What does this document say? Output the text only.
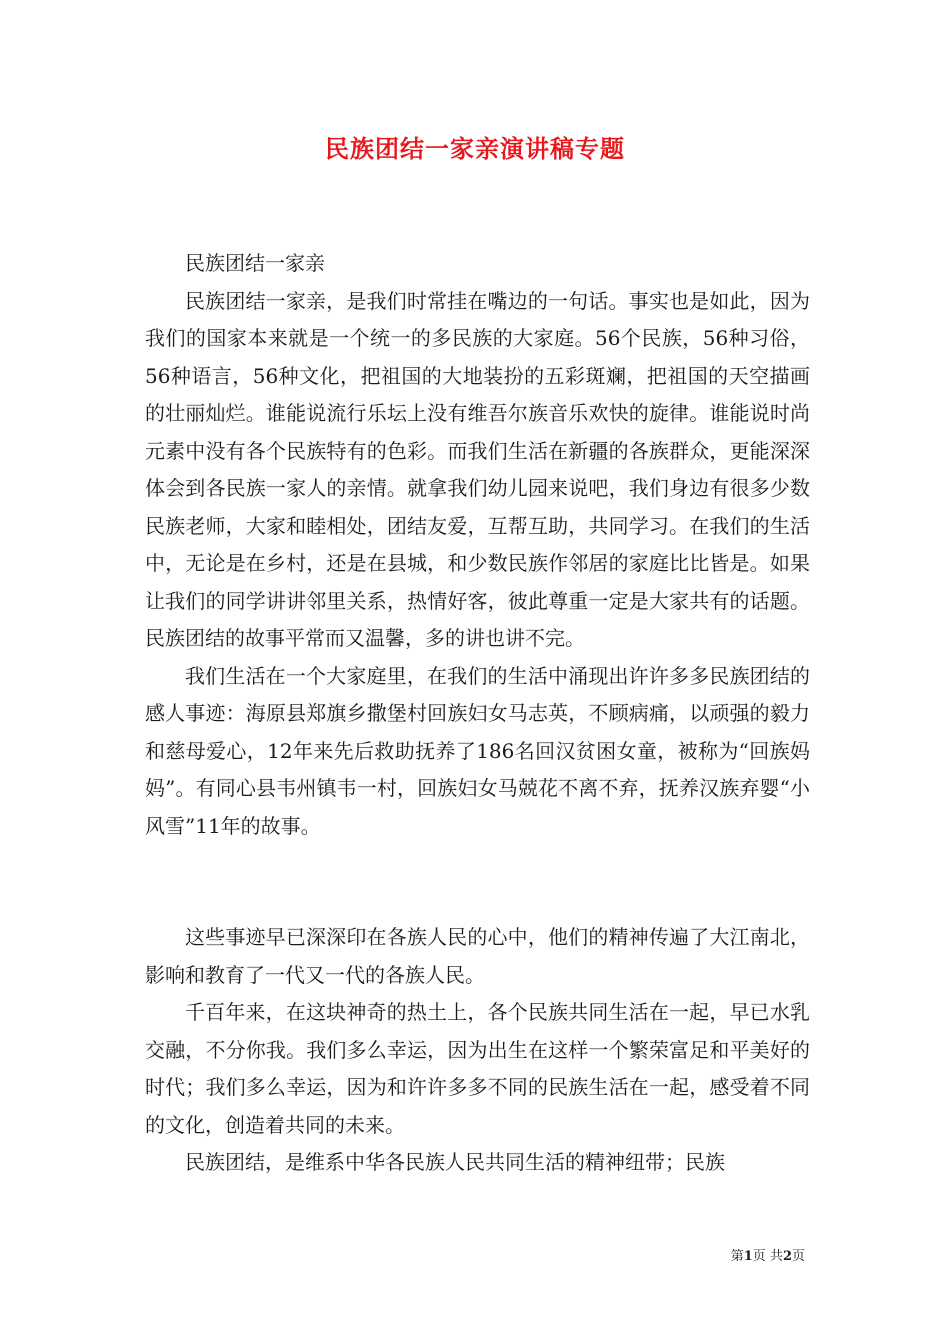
民族团结一家亲演讲稿专题

民族团结一家亲

民族团结一家亲，是我们时常挂在嘴边的一句话。事实也是如此，因为我们的国家本来就是一个统一的多民族的大家庭。56个民族，56种习俗，56种语言，56种文化，把祖国的大地装扮的五彩斑斓，把祖国的天空描画的壮丽灿烂。谁能说流行乐坛上没有维吾尔族音乐欢快的旋律。谁能说时尚元素中没有各个民族特有的色彩。而我们生活在新疆的各族群众，更能深深体会到各民族一家人的亲情。就拿我们幼儿园来说吧，我们身边有很多少数民族老师，大家和睦相处，团结友爱，互帮互助，共同学习。在我们的生活中，无论是在乡村，还是在县城，和少数民族作邻居的家庭比比皆是。如果让我们的同学讲讲邻里关系，热情好客，彼此尊重一定是大家共有的话题。民族团结的故事平常而又温馨，多的讲也讲不完。

我们生活在一个大家庭里，在我们的生活中涌现出许许多多民族团结的感人事迹：海原县郑旗乡撒堡村回族妇女马志英，不顾病痛，以顽强的毅力和慈母爱心，12年来先后救助抚养了186名回汉贫困女童，被称为“回族妈妈”。有同心县韦州镇韦一村，回族妇女马兢花不离不弃，抚养汉族弃婴“小风雪”11年的故事。

这些事迹早已深深印在各族人民的心中，他们的精神传遍了大江南北，影响和教育了一代又一代的各族人民。

千百年来，在这块神奇的热土上，各个民族共同生活在一起，早已水乳交融，不分你我。我们多么幸运，因为出生在这样一个繁荣富足和平美好的时代；我们多么幸运，因为和许许多多不同的民族生活在一起，感受着不同的文化，创造着共同的未来。

民族团结，是维系中华各民族人民共同生活的精神纽带；民族

第1页 共2页
